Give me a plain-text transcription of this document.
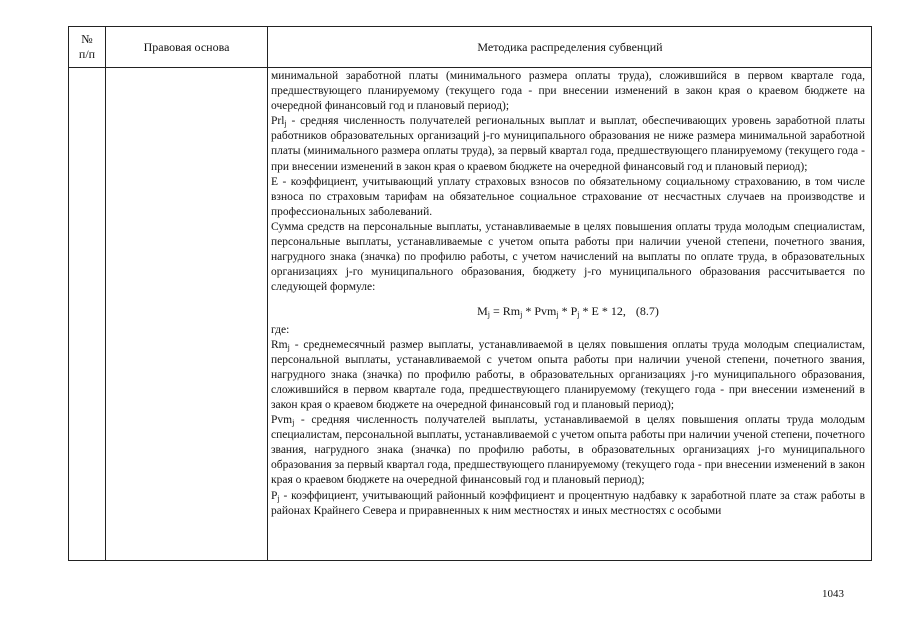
№
п/п
Правовая основа	Методика распределения субвенций

минимальной заработной платы (минимального размера оплаты труда), сложившийся в первом квартале года, предшествующего планируемому (текущего года - при внесении изменений в закон края о краевом бюджете на очередной финансовый год и плановый период);

Prl$_j$ - средняя численность получателей региональных выплат и выплат, обеспечивающих уровень заработной платы работников образовательных организаций j-го муниципального образования не ниже размера минимальной заработной платы (минимального размера оплаты труда), за первый квартал года, предшествующего планируемому (текущего года - при внесении изменений в закон края о краевом бюджете на очередной финансовый год и плановый период);

E - коэффициент, учитывающий уплату страховых взносов по обязательному социальному страхованию, в том числе взноса по страховым тарифам на обязательное социальное страхование от несчастных случаев на производстве и профессиональных заболеваний.

Сумма средств на персональные выплаты, устанавливаемые в целях повышения оплаты труда молодым специалистам, персональные выплаты, устанавливаемые с учетом опыта работы при наличии ученой степени, почетного звания, нагрудного знака (значка) по профилю работы, с учетом начислений на выплаты по оплате труда, в образовательных организациях j-го муниципального образования, бюджету j-го муниципального образования рассчитывается по следующей формуле:

$M_j = Rm_j * Pvm_j * P_j * E * 12$, (8.7)

где:

$Rm_j$ - среднемесячный размер выплаты, устанавливаемой в целях повышения оплаты труда молодым специалистам, персональной выплаты, устанавливаемой с учетом опыта работы при наличии ученой степени, почетного звания, нагрудного знака (значка) по профилю работы, в образовательных организациях j-го муниципального образования, сложившийся в первом квартале года, предшествующего планируемому (текущего года - при внесении изменений в закон края о краевом бюджете на очередной финансовый год и плановый период);

Pvm$_j$ - средняя численность получателей выплаты, устанавливаемой в целях повышения оплаты труда молодым специалистам, персональной выплаты, устанавливаемой с учетом опыта работы при наличии ученой степени, почетного звания, нагрудного знака (значка) по профилю работы, в образовательных организациях j-го муниципального образования за первый квартал года, предшествующего планируемому (текущего года - при внесении изменений в закон края о краевом бюджете на очередной финансовый год и плановый период);

$P_j$ - коэффициент, учитывающий районный коэффициент и процентную надбавку к заработной плате за стаж работы в районах Крайнего Севера и приравненных к ним местностях и иных местностях с особыми

1043
